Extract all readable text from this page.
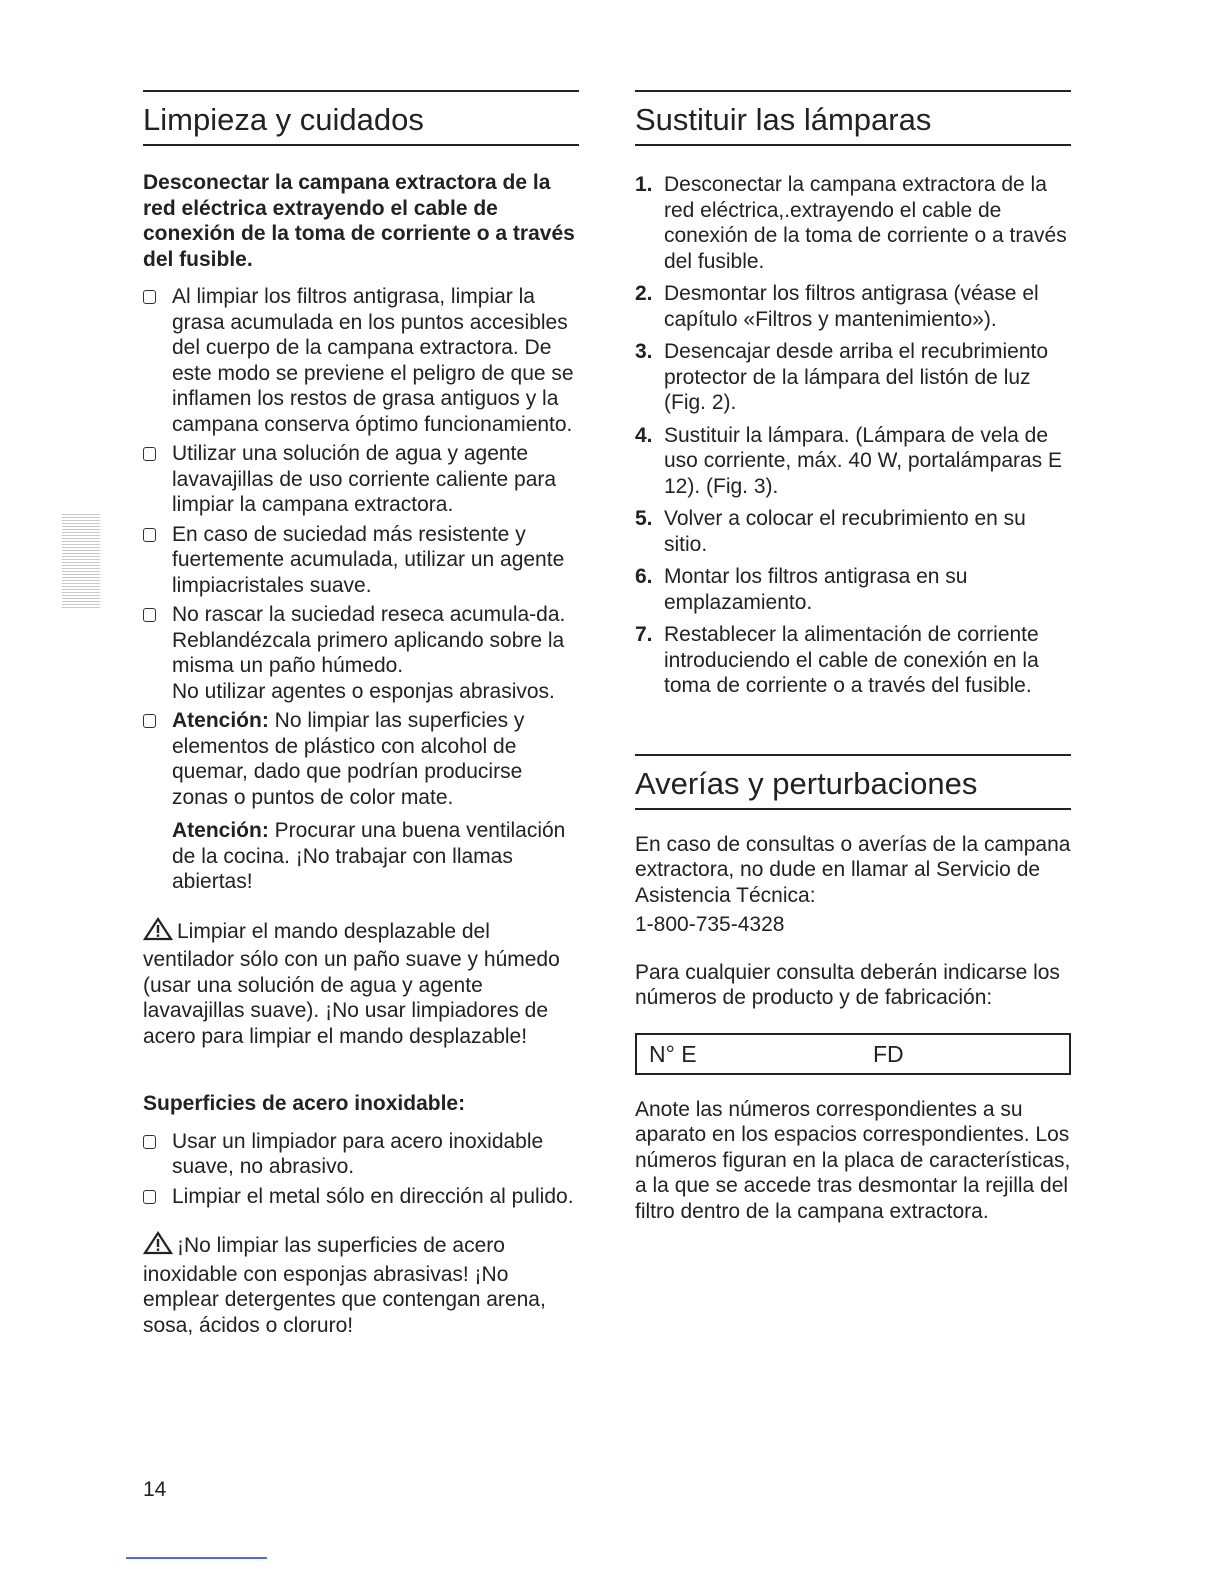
Limpieza y cuidados

Desconectar la campana extractora de la red eléctrica extrayendo el cable de conexión de la toma de corriente o a través del fusible.

Al limpiar los filtros antigrasa, limpiar la grasa acumulada en los puntos accesibles del cuerpo de la campana extractora. De este modo se previene el peligro de que se inflamen los restos de grasa antiguos y la campana conserva óptimo funcionamiento.
Utilizar una solución de agua y agente lavavajillas de uso corriente caliente para limpiar la campana extractora.
En caso de suciedad más resistente y fuertemente acumulada, utilizar un agente limpiacristales suave.
No rascar la suciedad reseca acumula-da. Reblandézcala primero aplicando sobre la misma un paño húmedo.
No utilizar agentes o esponjas abrasivos.
Atención: No limpiar las superficies y elementos de plástico con alcohol de quemar, dado que podrían producirse zonas o puntos de color mate.

Atención: Procurar una buena ventilación de la cocina. ¡No trabajar con llamas abiertas!

Limpiar el mando desplazable del ventilador sólo con un paño suave y húmedo (usar una solución de agua y agente lavavajillas suave). ¡No usar limpiadores de acero para limpiar el mando desplazable!

Superficies de acero inoxidable:

Usar un limpiador para acero inoxidable suave, no abrasivo.
Limpiar el metal sólo en dirección al pulido.

¡No limpiar las superficies de acero inoxidable con esponjas abrasivas! ¡No emplear detergentes que contengan arena, sosa, ácidos o cloruro!

Sustituir las lámparas
1. Desconectar la campana extractora de la red eléctrica,.extrayendo el cable de conexión de la toma de corriente o a través del fusible.
2. Desmontar los filtros antigrasa (véase el capítulo «Filtros y mantenimiento»).
3. Desencajar desde arriba el recubrimiento protector de la lámpara del listón de luz (Fig. 2).
4. Sustituir la lámpara. (Lámpara de vela de uso corriente, máx. 40 W, portalámparas E 12). (Fig. 3).
5. Volver a colocar el recubrimiento en su sitio.
6. Montar los filtros antigrasa en su emplazamiento.
7. Restablecer la alimentación de corriente introduciendo el cable de conexión en la toma de corriente o a través del fusible.
Averías y perturbaciones

En caso de consultas o averías de la campana extractora, no dude en llamar al Servicio de Asistencia Técnica:

1-800-735-4328

Para cualquier consulta deberán indicarse los números de producto y de fabricación:

N° E	FD

Anote las números correspondientes a su aparato en los espacios correspondientes. Los números figuran en la placa de características, a la que se accede tras desmontar la rejilla del filtro dentro de la campana extractora.

14
